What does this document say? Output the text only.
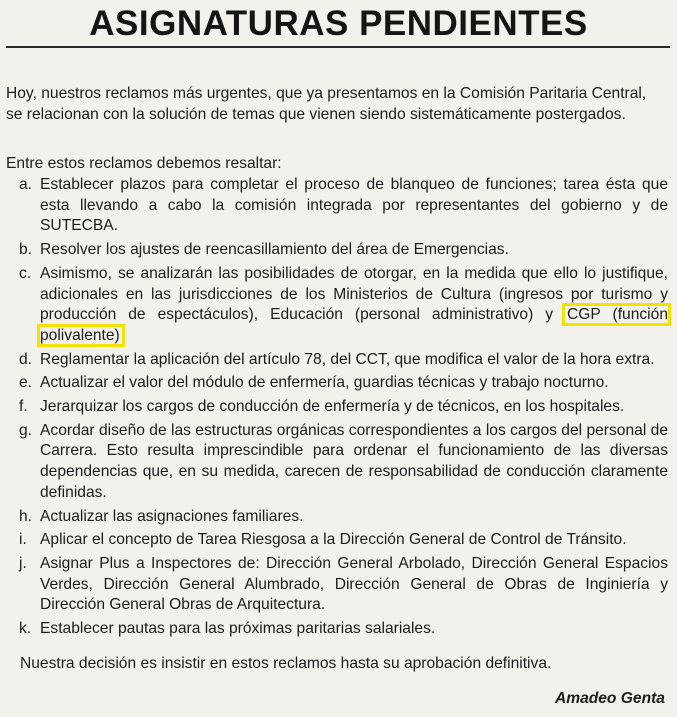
ASIGNATURAS PENDIENTES

Hoy, nuestros reclamos más urgentes, que ya presentamos en la Comisión Paritaria Central, se relacionan con la solución de temas que vienen siendo sistemáticamente postergados.

Entre estos reclamos debemos resaltar:

a. Establecer plazos para completar el proceso de blanqueo de funciones; tarea ésta que esta llevando a cabo la comisión integrada por representantes del gobierno y de SUTECBA.
b. Resolver los ajustes de reencasillamiento del área de Emergencias.
c. Asimismo, se analizarán las posibilidades de otorgar, en la medida que ello lo justifique, adicionales en las jurisdicciones de los Ministerios de Cultura (ingresos por turismo y producción de espectáculos), Educación (personal administrativo) y CGP (función polivalente)
d. Reglamentar la aplicación del artículo 78, del CCT, que modifica el valor de la hora extra.
e. Actualizar el valor del módulo de enfermería, guardias técnicas y trabajo nocturno.
f. Jerarquizar los cargos de conducción de enfermería y de técnicos, en los hospitales.
g. Acordar diseño de las estructuras orgánicas correspondientes a los cargos del personal de Carrera. Esto resulta imprescindible para ordenar el funcionamiento de las diversas dependencias que, en su medida, carecen de responsabilidad de conducción claramente definidas.
h. Actualizar las asignaciones familiares.
i. Aplicar el concepto de Tarea Riesgosa a la Dirección General de Control de Tránsito.
j. Asignar Plus a Inspectores de: Dirección General Arbolado, Dirección General Espacios Verdes, Dirección General Alumbrado, Dirección General de Obras de Inginiería y Dirección General Obras de Arquitectura.
k. Establecer pautas para las próximas paritarias salariales.

Nuestra decisión es insistir en estos reclamos hasta su aprobación definitiva.

Amadeo Genta
